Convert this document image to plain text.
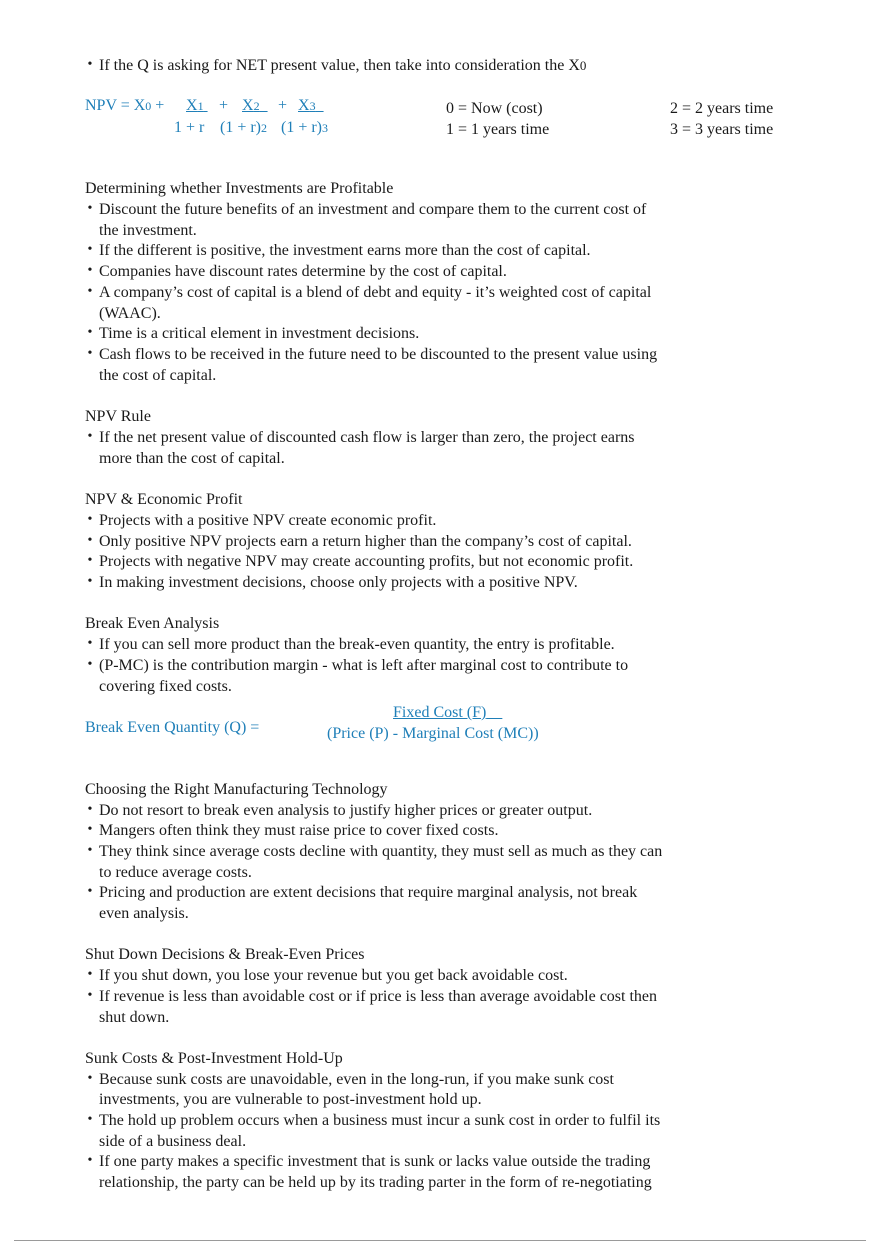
• If the Q is asking for NET present value, then take into consideration the X0
NPV = X0 + X1 + X2	+ X3
1 + r (1 + r)2 (1 + r)3
0 = Now (cost)
1 = 1 years time
2 = 2 years time
3 = 3 years time
Determining whether Investments are Profitable
• Discount the future benefits of an investment and compare them to the current cost of
the investment.
• If the different is positive, the investment earns more than the cost of capital.
• Companies have discount rates determine by the cost of capital.
• A company’s cost of capital is a blend of debt and equity - it’s weighted cost of capital
(WAAC).
• Time is a critical element in investment decisions.
• Cash flows to be received in the future need to be discounted to the present value using
the cost of capital.
NPV Rule
• If the net present value of discounted cash flow is larger than zero, the project earns
more than the cost of capital.
NPV & Economic Profit
• Projects with a positive NPV create economic profit.
• Only positive NPV projects earn a return higher than the company’s cost of capital.
• Projects with negative NPV may create accounting profits, but not economic profit.
• In making investment decisions, choose only projects with a positive NPV.
Break Even Analysis
• If you can sell more product than the break-even quantity, the entry is profitable.
• (P-MC) is the contribution margin - what is left after marginal cost to contribute to
covering fixed costs.
Break Even Quantity (Q) =
Fixed Cost (F)
(Price (P) - Marginal Cost (MC))
Choosing the Right Manufacturing Technology
• Do not resort to break even analysis to justify higher prices or greater output.
• Mangers often think they must raise price to cover fixed costs.
• They think since average costs decline with quantity, they must sell as much as they can
to reduce average costs.
• Pricing and production are extent decisions that require marginal analysis, not break
even analysis.
Shut Down Decisions & Break-Even Prices
• If you shut down, you lose your revenue but you get back avoidable cost.
• If revenue is less than avoidable cost or if price is less than average avoidable cost then
shut down.
Sunk Costs & Post-Investment Hold-Up
• Because sunk costs are unavoidable, even in the long-run, if you make sunk cost
investments, you are vulnerable to post-investment hold up.
• The hold up problem occurs when a business must incur a sunk cost in order to fulfil its
side of a business deal.
• If one party makes a specific investment that is sunk or lacks value outside the trading
relationship, the party can be held up by its trading parter in the form of re-negotiating
